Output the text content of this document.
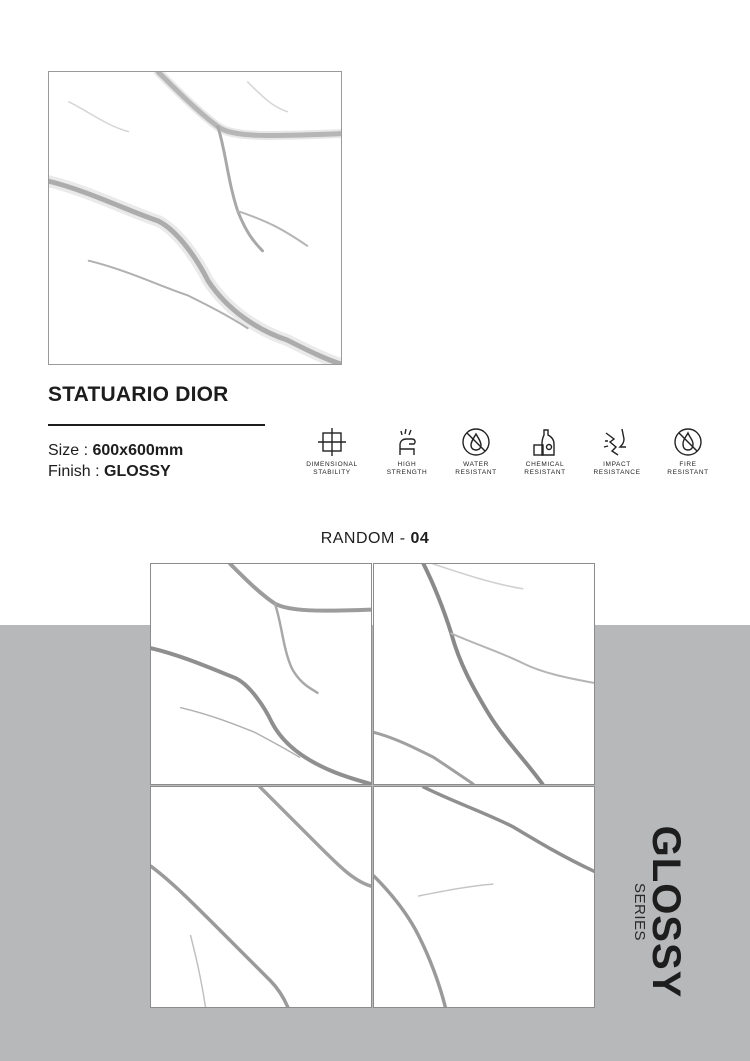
STATUARIO DIOR
Size : 600x600mm
Finish : GLOSSY	DIMENSIONAL
STABILITY
HIGH
STRENGTH
WATER
RESISTANT
CHEMICAL
RESISTANT
IMPACT
RESISTANCE
FIRE
RESISTANT
RANDOM - 04
GLOSSY
SERIES
